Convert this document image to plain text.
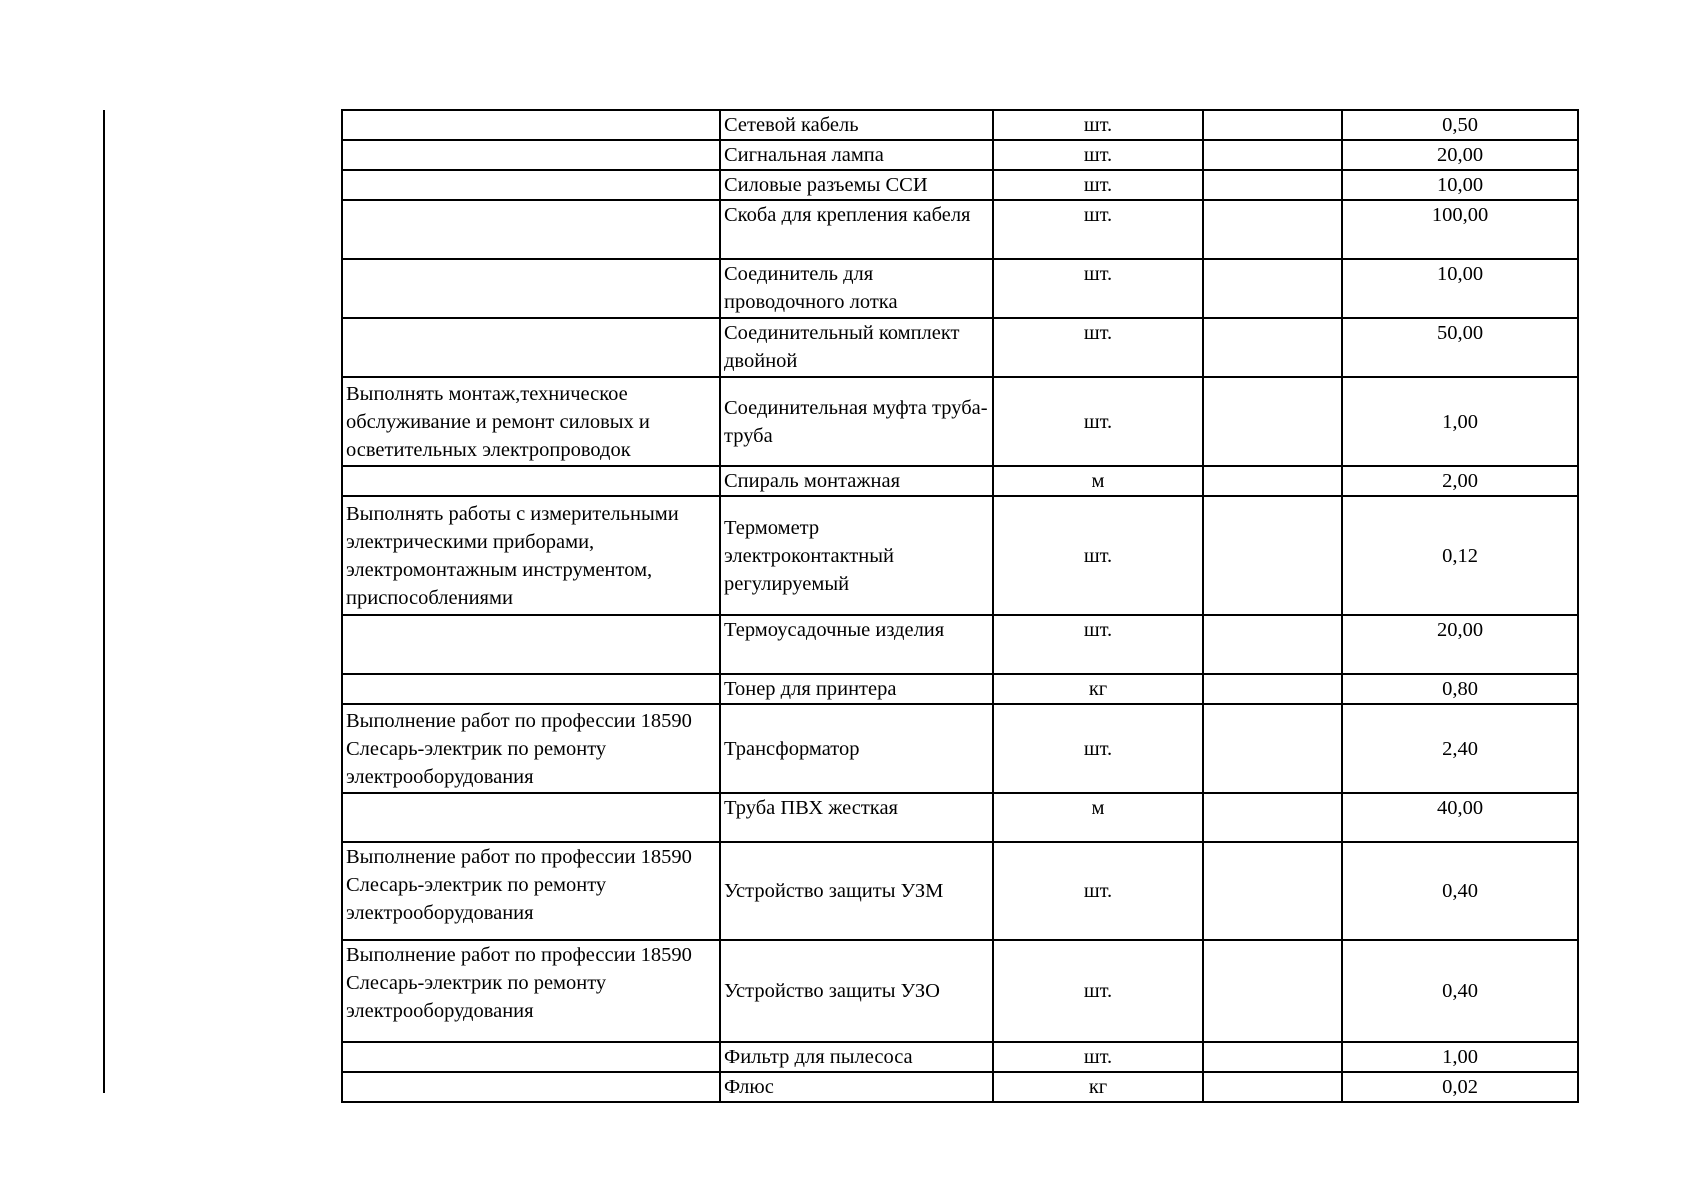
	Сетевой кабель	шт.		0,50
	Сигнальная лампа	шт.		20,00
	Силовые разъемы ССИ	шт.		10,00
	Скоба для крепления кабеля	шт.		100,00
	Соединитель для проводочного лотка	шт.		10,00
	Соединительный комплект двойной	шт.		50,00
Выполнять монтаж,техническое обслуживание и ремонт силовых и осветительных электропроводок	Соединительная муфта труба-труба	шт.		1,00
	Спираль монтажная	м		2,00
Выполнять работы с измерительными электрическими приборами, электромонтажным инструментом, приспособлениями	Термометр электроконтактный регулируемый	шт.		0,12
	Термоусадочные изделия	шт.		20,00
	Тонер для принтера	кг		0,80
Выполнение работ по профессии 18590 Слесарь-электрик по ремонту электрооборудования	Трансформатор	шт.		2,40
	Труба ПВХ жесткая	м		40,00
Выполнение работ по профессии 18590 Слесарь-электрик по ремонту электрооборудования	Устройство защиты УЗМ	шт.		0,40
Выполнение работ по профессии 18590 Слесарь-электрик по ремонту электрооборудования	Устройство защиты УЗО	шт.		0,40
	Фильтр для пылесоса	шт.		1,00
	Флюс	кг		0,02
